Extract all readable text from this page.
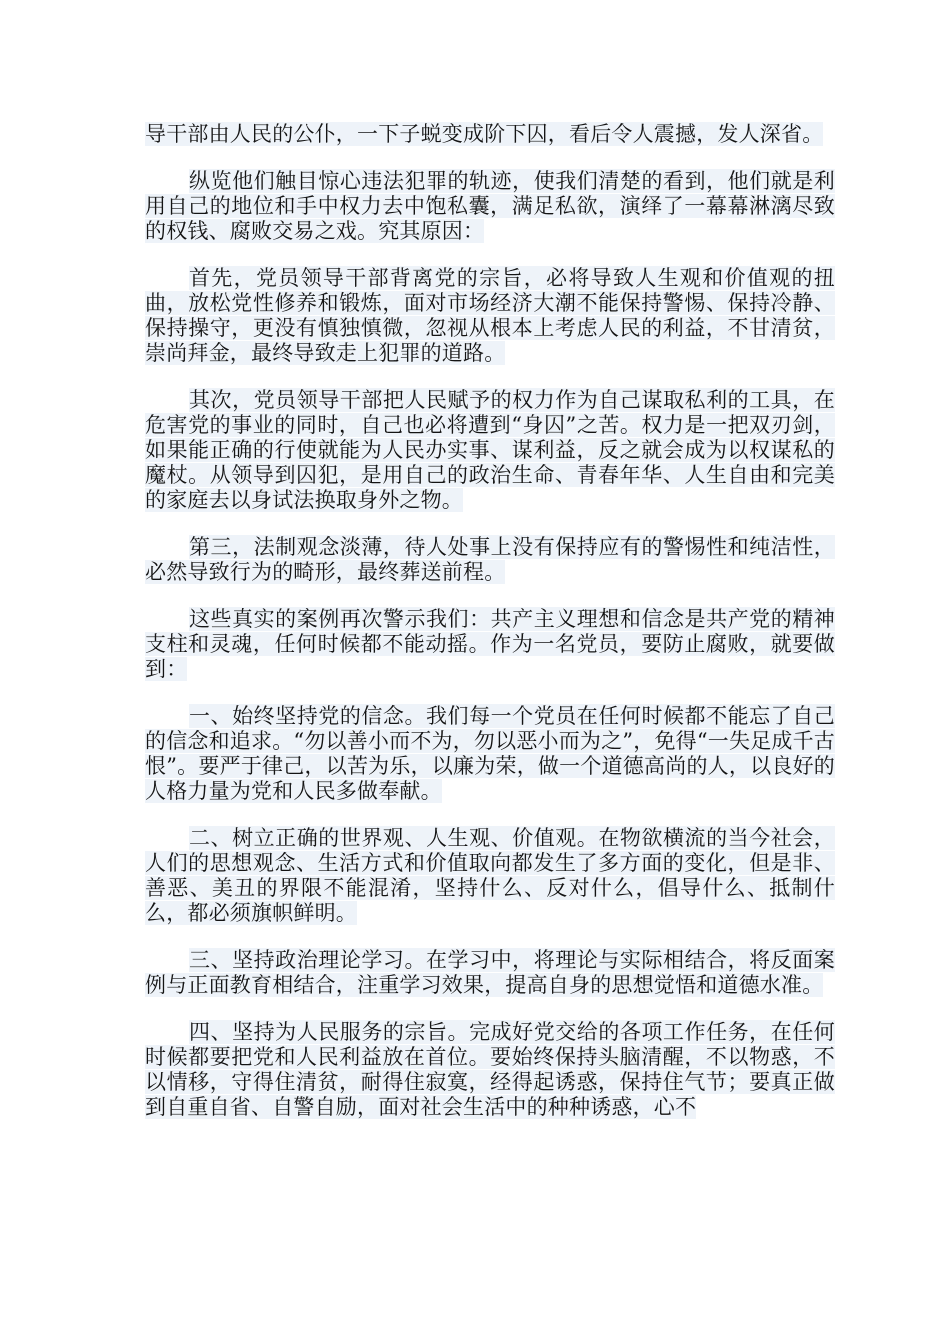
导干部由人民的公仆，一下子蜕变成阶下囚，看后令人震撼，发人深省。

纵览他们触目惊心违法犯罪的轨迹，使我们清楚的看到，他们就是利用自己的地位和手中权力去中饱私囊，满足私欲，演绎了一幕幕淋漓尽致的权钱、腐败交易之戏。究其原因：

首先，党员领导干部背离党的宗旨，必将导致人生观和价值观的扭曲，放松党性修养和锻炼，面对市场经济大潮不能保持警惕、保持冷静、保持操守，更没有慎独慎微，忽视从根本上考虑人民的利益，不甘清贫，崇尚拜金，最终导致走上犯罪的道路。

其次，党员领导干部把人民赋予的权力作为自己谋取私利的工具，在危害党的事业的同时，自己也必将遭到“身囚”之苦。权力是一把双刃剑，如果能正确的行使就能为人民办实事、谋利益，反之就会成为以权谋私的魔杖。从领导到囚犯，是用自己的政治生命、青春年华、人生自由和完美的家庭去以身试法换取身外之物。

第三，法制观念淡薄，待人处事上没有保持应有的警惕性和纯洁性，必然导致行为的畸形，最终葬送前程。

这些真实的案例再次警示我们：共产主义理想和信念是共产党的精神支柱和灵魂，任何时候都不能动摇。作为一名党员，要防止腐败，就要做到：

一、始终坚持党的信念。我们每一个党员在任何时候都不能忘了自己的信念和追求。“勿以善小而不为，勿以恶小而为之”，免得“一失足成千古恨”。要严于律己，以苦为乐，以廉为荣，做一个道德高尚的人，以良好的人格力量为党和人民多做奉献。

二、树立正确的世界观、人生观、价值观。在物欲横流的当今社会，人们的思想观念、生活方式和价值取向都发生了多方面的变化，但是非、善恶、美丑的界限不能混淆，坚持什么、反对什么，倡导什么、抵制什么，都必须旗帜鲜明。

三、坚持政治理论学习。在学习中，将理论与实际相结合，将反面案例与正面教育相结合，注重学习效果，提高自身的思想觉悟和道德水准。

四、坚持为人民服务的宗旨。完成好党交给的各项工作任务，在任何时候都要把党和人民利益放在首位。要始终保持头脑清醒，不以物惑，不以情移，守得住清贫，耐得住寂寞，经得起诱惑，保持住气节；要真正做到自重自省、自警自励，面对社会生活中的种种诱惑，心不
